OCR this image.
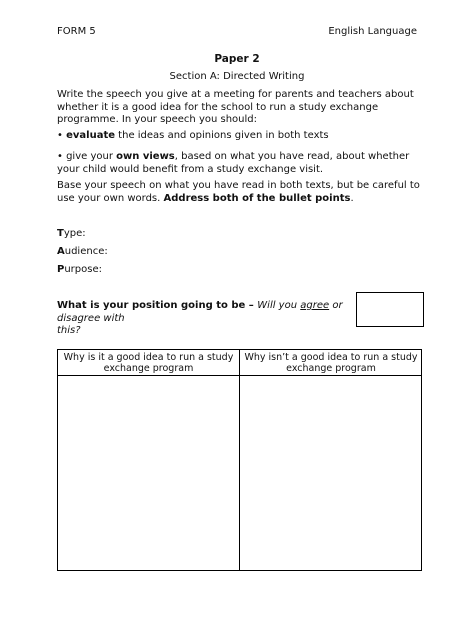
FORM 5	English Language
Paper 2
Section A: Directed Writing
Write the speech you give at a meeting for parents and teachers about whether it is a good idea for the school to run a study exchange programme. In your speech you should:
• evaluate the ideas and opinions given in both texts
• give your own views, based on what you have read, about whether your child would benefit from a study exchange visit.
Base your speech on what you have read in both texts, but be careful to use your own words. Address both of the bullet points.
Type:
Audience:
Purpose:
What is your position going to be – Will you agree or disagree with
this?
Why is it a good idea to run a study exchange program
Why isn’t a good idea to run a study exchange program
